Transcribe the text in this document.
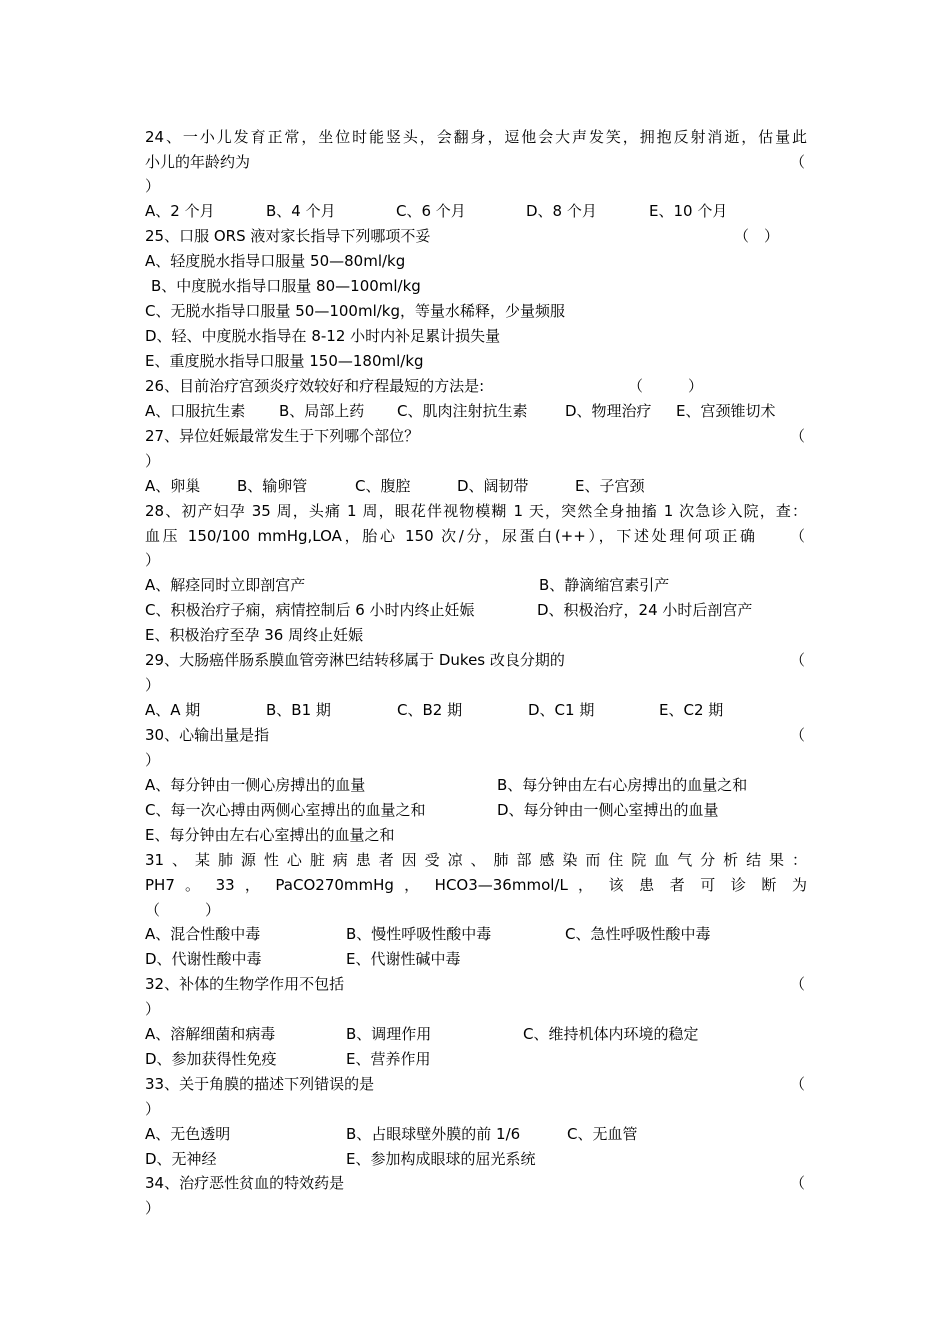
24、一小儿发育正常，坐位时能竖头，会翻身，逗他会大声发笑，拥抱反射消逝，估量此
小儿的年龄约为	（
）
A、2 个月	B、4 个月	C、6 个月	D、8 个月	E、10 个月
25、口服 ORS 液对家长指导下列哪项不妥	（　）
A、轻度脱水指导口服量 50—80ml/kg
B、中度脱水指导口服量 80—100ml/kg
C、无脱水指导口服量 50—100ml/kg，等量水稀释，少量频服
D、轻、中度脱水指导在 8-12 小时内补足累计损失量
E、重度脱水指导口服量 150—180ml/kg
26、目前治疗宫颈炎疗效较好和疗程最短的方法是:	（　　　）
A、口服抗生素 B、局部上药 C、肌肉注射抗生素	D、物理治疗 E、宫颈锥切术
27、异位妊娠最常发生于下列哪个部位？	（
）
A、卵巢 B、输卵管	C、腹腔	D、阔韧带	E、子宫颈
28、初产妇孕 35 周，头痛 1 周，眼花伴视物模糊 1 天，突然全身抽搐 1 次急诊入院，查：
血压 150/100 mmHg,LOA，胎心 150 次/分，尿蛋白(++），下述处理何项正确 （
）
A、解痉同时立即剖宫产	B、静滴缩宫素引产
C、积极治疗子痫，病情控制后 6 小时内终止妊娠	D、积极治疗，24 小时后剖宫产
E、积极治疗至孕 36 周终止妊娠
29、大肠癌伴肠系膜血管旁淋巴结转移属于 Dukes 改良分期的	（
）
A、A 期	B、B1 期	C、B2 期	D、C1 期	E、C2 期
30、心输出量是指	（
）
A、每分钟由一侧心房搏出的血量	B、每分钟由左右心房搏出的血量之和
C、每一次心搏由两侧心室搏出的血量之和	D、每分钟由一侧心室搏出的血量
E、每分钟由左右心室搏出的血量之和
31、某肺源性心脏病患者因受凉、肺部感染而住院血气分析结果：
PH7 。 33 ， PaCO270mmHg ， HCO3—36mmol/L ， 该 患 者 可 诊 断 为
（　　　）
A、混合性酸中毒	B、慢性呼吸性酸中毒	C、急性呼吸性酸中毒
D、代谢性酸中毒	E、代谢性碱中毒
32、补体的生物学作用不包括	（
）
A、溶解细菌和病毒	B、调理作用	C、维持机体内环境的稳定
D、参加获得性免疫	E、营养作用
33、关于角膜的描述下列错误的是	（
）
A、无色透明	B、占眼球壁外膜的前 1/6	C、无血管
D、无神经	E、参加构成眼球的屈光系统
34、治疗恶性贫血的特效药是	（
）
